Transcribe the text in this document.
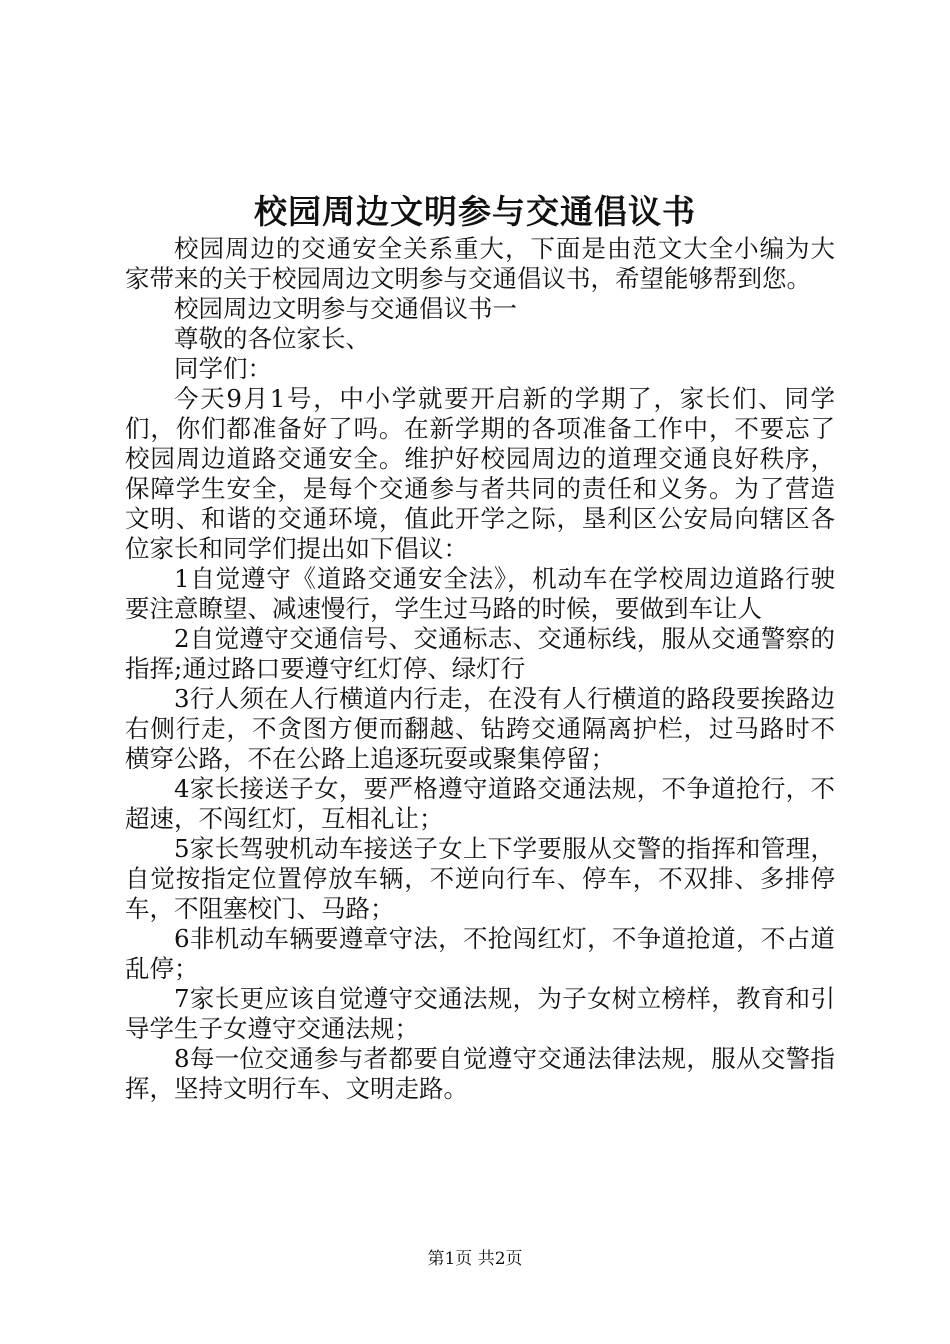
校园周边文明参与交通倡议书

校园周边的交通安全关系重大，下面是由范文大全小编为大家带来的关于校园周边文明参与交通倡议书，希望能够帮到您。

校园周边文明参与交通倡议书一

尊敬的各位家长、

同学们：

今天9月1号，中小学就要开启新的学期了，家长们、同学们，你们都准备好了吗。在新学期的各项准备工作中，不要忘了校园周边道路交通安全。维护好校园周边的道理交通良好秩序，保障学生安全，是每个交通参与者共同的责任和义务。为了营造文明、和谐的交通环境，值此开学之际，垦利区公安局向辖区各位家长和同学们提出如下倡议：

1自觉遵守《道路交通安全法》，机动车在学校周边道路行驶要注意瞭望、减速慢行，学生过马路的时候，要做到车让人

2自觉遵守交通信号、交通标志、交通标线，服从交通警察的指挥;通过路口要遵守红灯停、绿灯行

3行人须在人行横道内行走，在没有人行横道的路段要挨路边右侧行走，不贪图方便而翻越、钻跨交通隔离护栏，过马路时不横穿公路，不在公路上追逐玩耍或聚集停留；

4家长接送子女，要严格遵守道路交通法规，不争道抢行，不超速，不闯红灯，互相礼让；

5家长驾驶机动车接送子女上下学要服从交警的指挥和管理，自觉按指定位置停放车辆，不逆向行车、停车，不双排、多排停车，不阻塞校门、马路；

6非机动车辆要遵章守法，不抢闯红灯，不争道抢道，不占道乱停；

7家长更应该自觉遵守交通法规，为子女树立榜样，教育和引导学生子女遵守交通法规；

8每一位交通参与者都要自觉遵守交通法律法规，服从交警指挥，坚持文明行车、文明走路。

第1页 共2页
